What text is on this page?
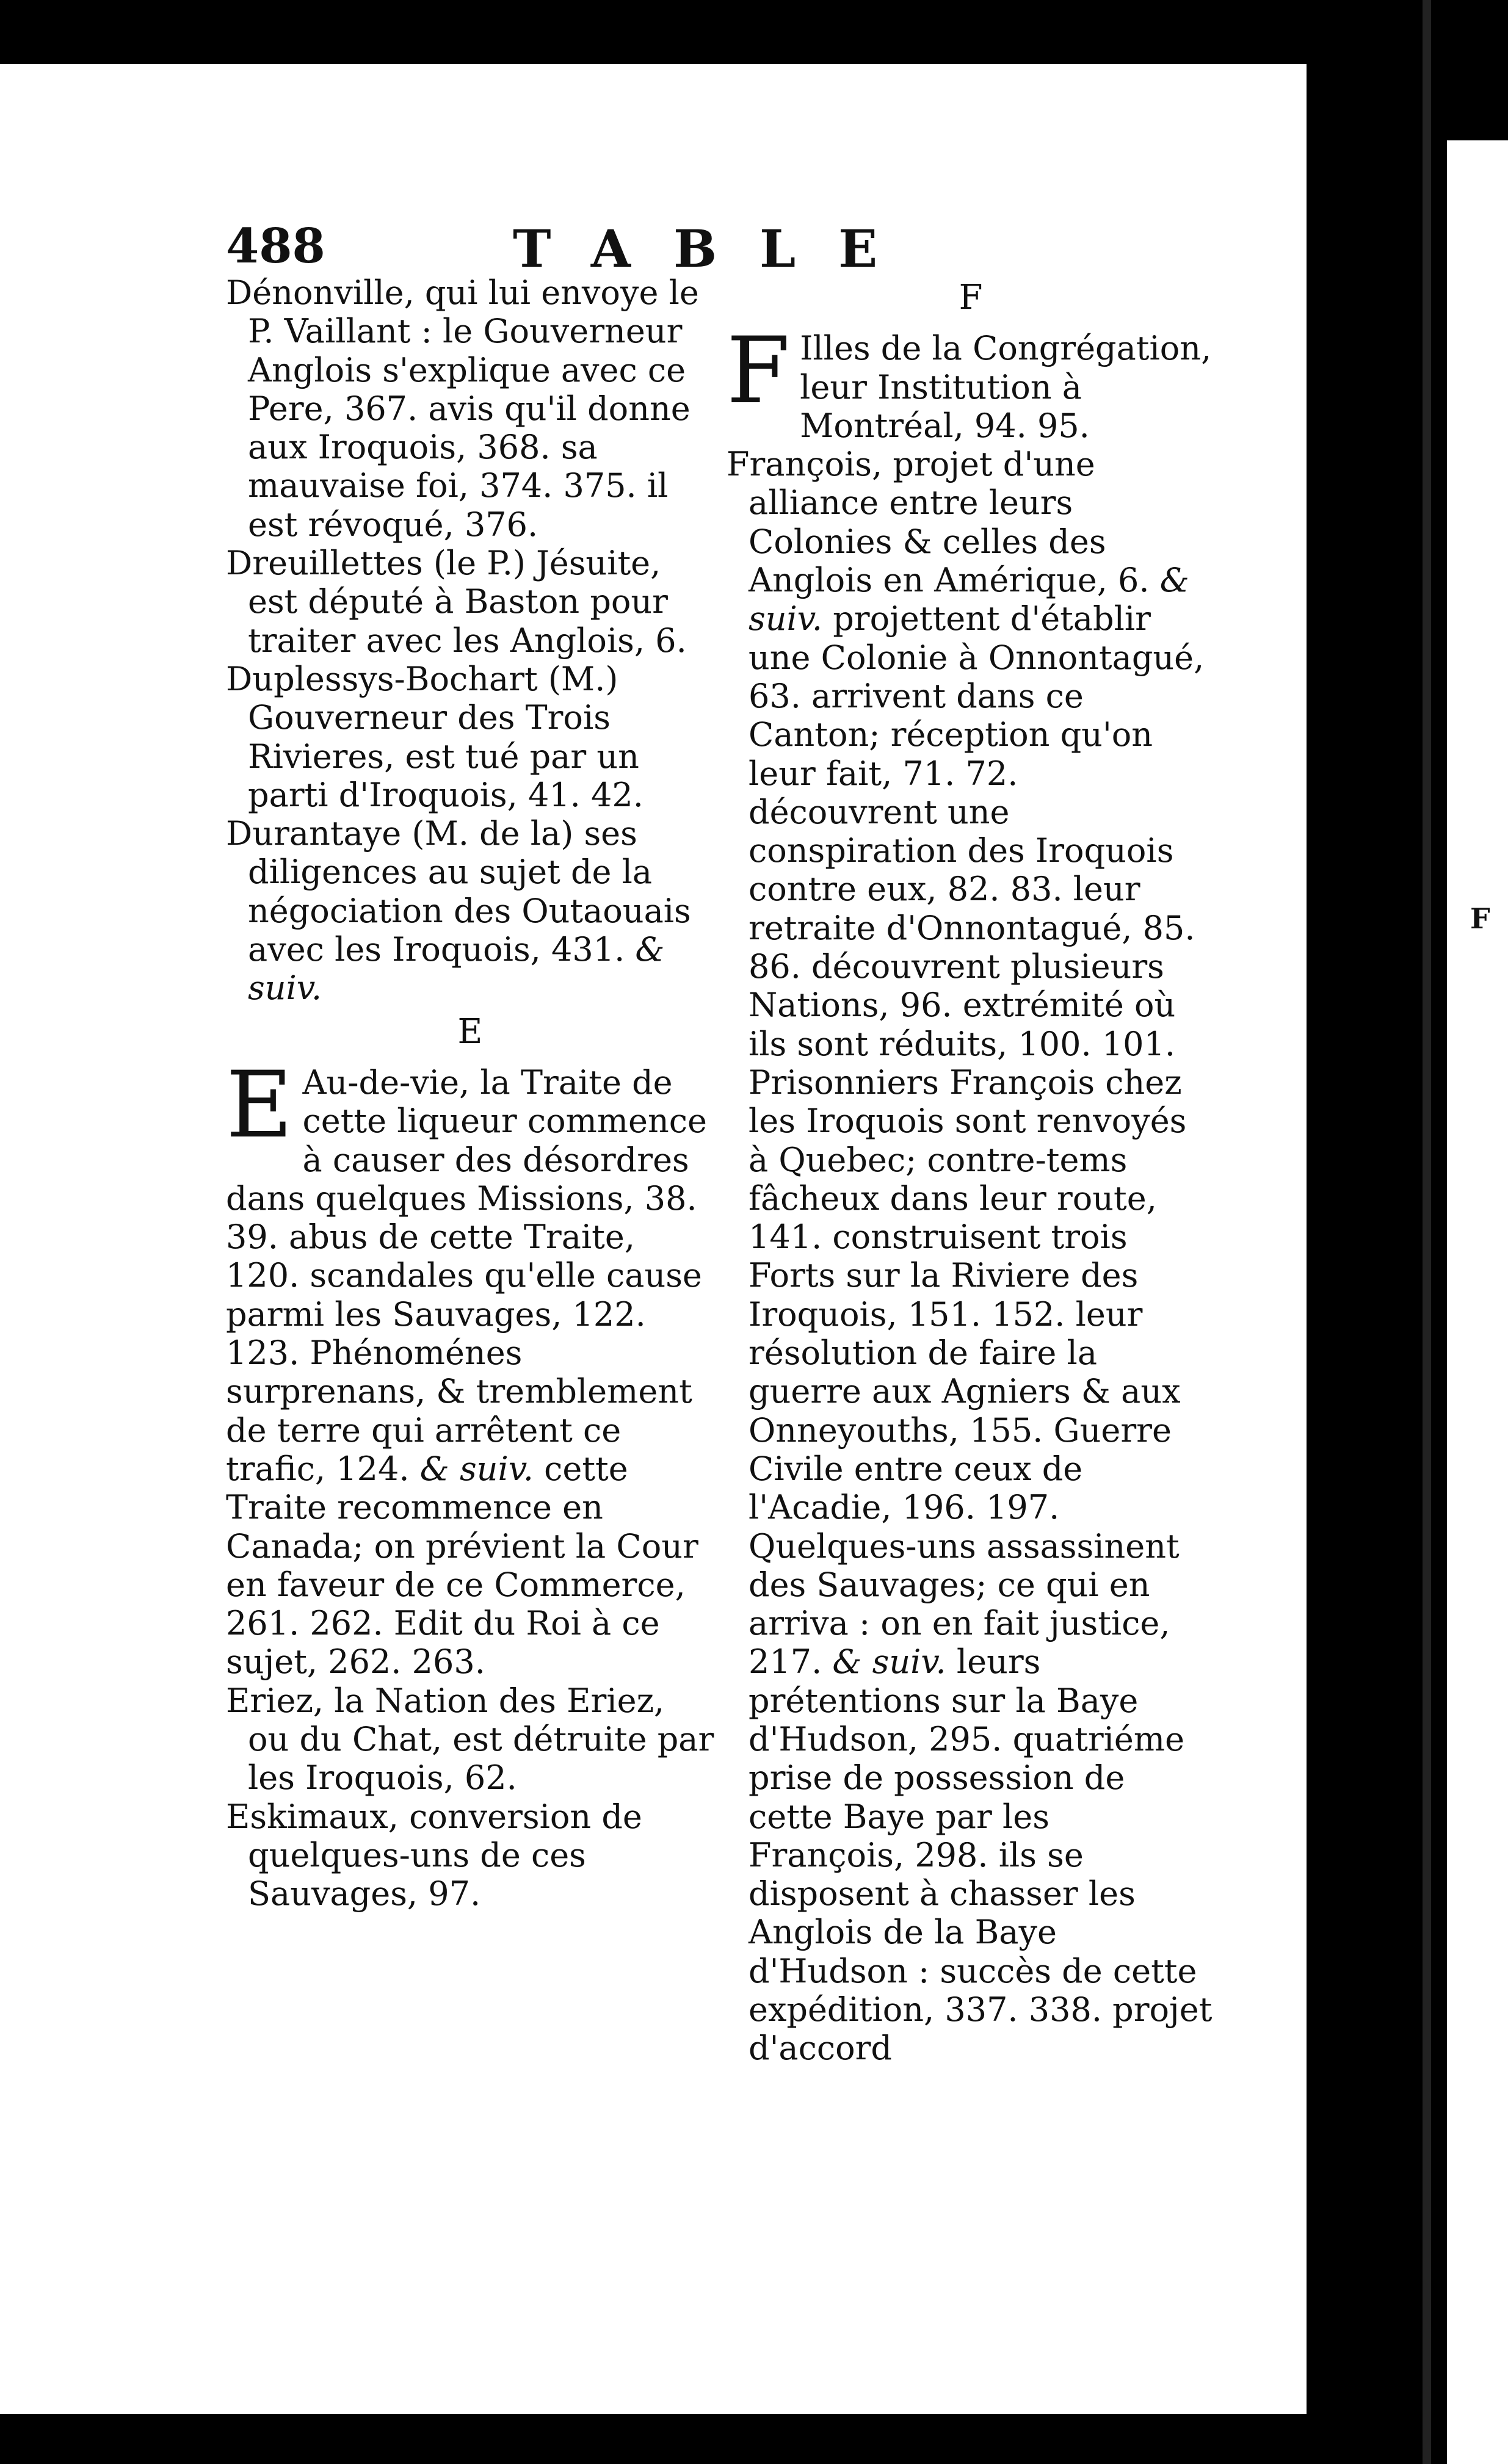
F
488	TABLE

Dénonville, qui lui envoye le P. Vaillant : le Gouverneur Anglois s'explique avec ce Pere, 367. avis qu'il donne aux Iroquois, 368. sa mauvaise foi, 374. 375. il est révoqué, 376.

Dreuillettes (le P.) Jésuite, est député à Baston pour traiter avec les Anglois, 6.

Duplessys-Bochart (M.) Gouverneur des Trois Rivieres, est tué par un parti d'Iroquois, 41. 42.

Durantaye (M. de la) ses diligences au sujet de la négociation des Outaouais avec les Iroquois, 431. & suiv.

E

E Au-de-vie, la Traite de cette liqueur commence à causer des désordres dans quelques Missions, 38. 39. abus de cette Traite, 120. scandales qu'elle cause parmi les Sauvages, 122. 123. Phénoménes surprenans, & tremblement de terre qui arrêtent ce trafic, 124. & suiv. cette Traite recommence en Canada; on prévient la Cour en faveur de ce Commerce, 261. 262. Edit du Roi à ce sujet, 262. 263.

Eriez, la Nation des Eriez, ou du Chat, est détruite par les Iroquois, 62.

Eskimaux, conversion de quelques-uns de ces Sauvages, 97.

F

F Illes de la Congrégation, leur Institution à Montréal, 94. 95.

François, projet d'une alliance entre leurs Colonies & celles des Anglois en Amérique, 6. & suiv. projettent d'établir une Colonie à Onnontagué, 63. arrivent dans ce Canton; réception qu'on leur fait, 71. 72. découvrent une conspiration des Iroquois contre eux, 82. 83. leur retraite d'Onnontagué, 85. 86. découvrent plusieurs Nations, 96. extrémité où ils sont réduits, 100. 101. Prisonniers François chez les Iroquois sont renvoyés à Quebec; contre-tems fâcheux dans leur route, 141. construisent trois Forts sur la Riviere des Iroquois, 151. 152. leur résolution de faire la guerre aux Agniers & aux Onneyouths, 155. Guerre Civile entre ceux de l'Acadie, 196. 197. Quelques-uns assassinent des Sauvages; ce qui en arriva : on en fait justice, 217. & suiv. leurs prétentions sur la Baye d'Hudson, 295. quatriéme prise de possession de cette Baye par les François, 298. ils se disposent à chasser les Anglois de la Baye d'Hudson : succès de cette expédition, 337. 338. projet d'accord
